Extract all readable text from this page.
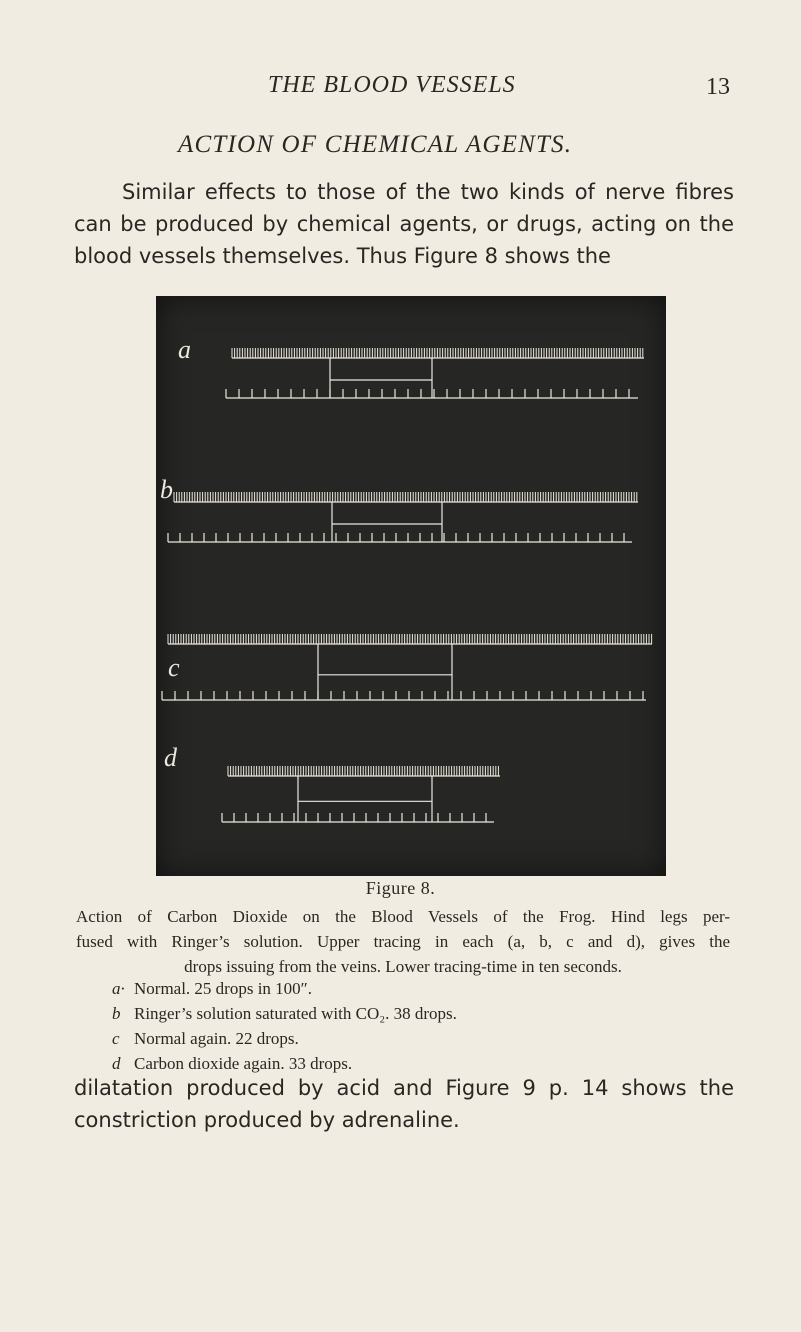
THE BLOOD VESSELS	13
ACTION OF CHEMICAL AGENTS.

Similar effects to those of the two kinds of nerve fibres can be produced by chemical agents, or drugs, acting on the blood vessels themselves. Thus Figure 8 shows the

a
b
c
d
Figure 8.
Action of Carbon Dioxide on the Blood Vessels of the Frog. Hind legs per-
fused with Ringer’s solution. Upper tracing in each (a, b, c and d), gives the
drops issuing from the veins. Lower tracing-time in ten seconds.
a· Normal. 25 drops in 100″.
b Ringer’s solution saturated with CO₂. 38 drops.
c Normal again. 22 drops.
d Carbon dioxide again. 33 drops.

dilatation produced by acid and Figure 9 p. 14 shows the constriction produced by adrenaline.
